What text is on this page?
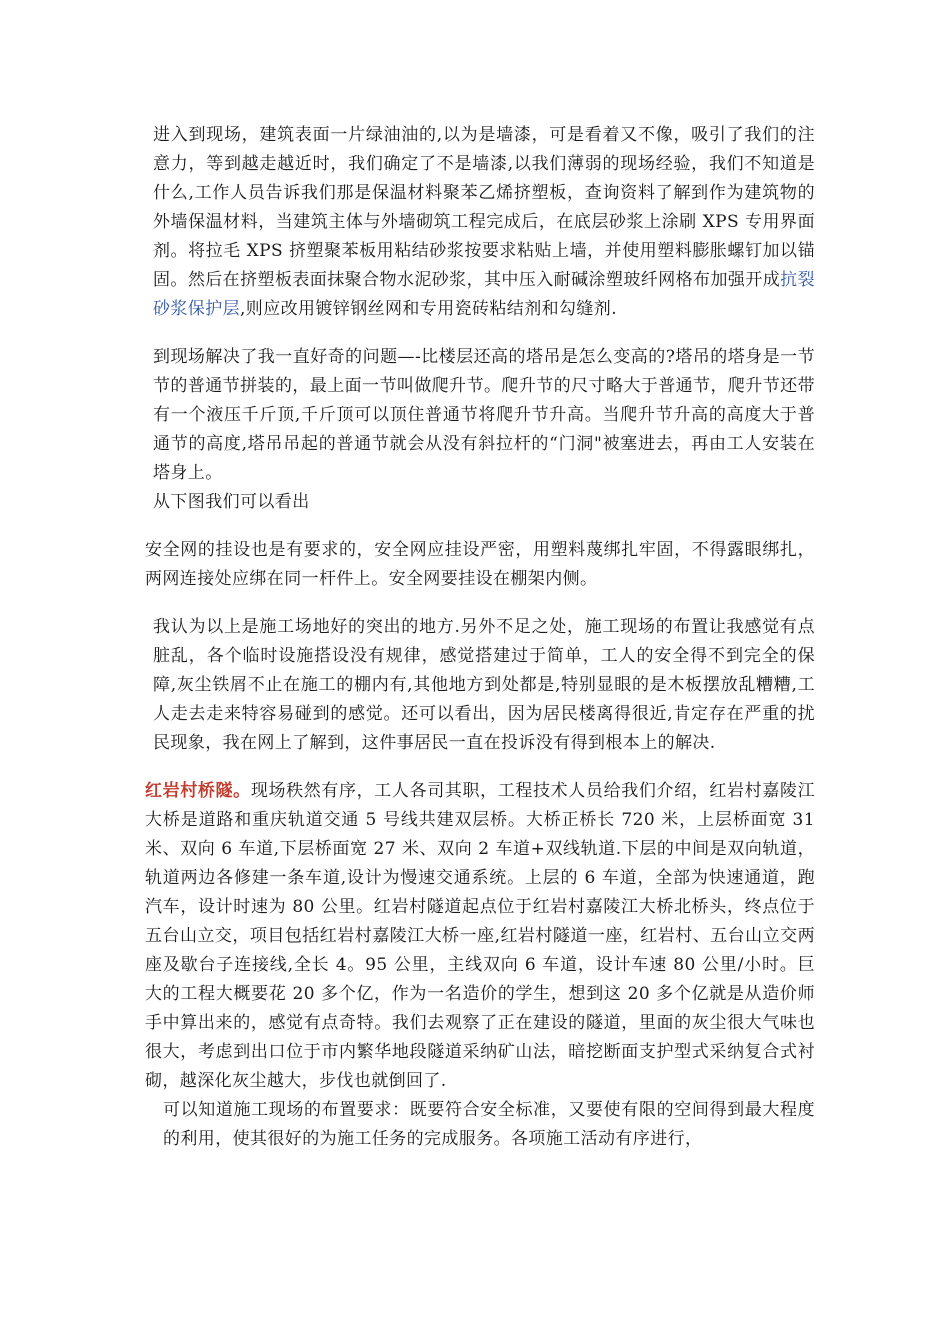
进入到现场，建筑表面一片绿油油的,以为是墙漆，可是看着又不像，吸引了我们的注意力，等到越走越近时，我们确定了不是墙漆,以我们薄弱的现场经验，我们不知道是什么,工作人员告诉我们那是保温材料聚苯乙烯挤塑板，查询资料了解到作为建筑物的外墙保温材料，当建筑主体与外墙砌筑工程完成后，在底层砂浆上涂刷 XPS 专用界面剂。将拉毛 XPS 挤塑聚苯板用粘结砂浆按要求粘贴上墙，并使用塑料膨胀螺钉加以锚固。然后在挤塑板表面抹聚合物水泥砂浆，其中压入耐碱涂塑玻纤网格布加强开成抗裂砂浆保护层,则应改用镀锌钢丝网和专用瓷砖粘结剂和勾缝剂.

到现场解决了我一直好奇的问题—-比楼层还高的塔吊是怎么变高的?塔吊的塔身是一节节的普通节拼装的，最上面一节叫做爬升节。爬升节的尺寸略大于普通节，爬升节还带有一个液压千斤顶,千斤顶可以顶住普通节将爬升节升高。当爬升节升高的高度大于普通节的高度,塔吊吊起的普通节就会从没有斜拉杆的“门洞"被塞进去，再由工人安装在塔身上。

从下图我们可以看出

安全网的挂设也是有要求的，安全网应挂设严密，用塑料蔑绑扎牢固，不得露眼绑扎，两网连接处应绑在同一杆件上。安全网要挂设在棚架内侧。

我认为以上是施工场地好的突出的地方.另外不足之处，施工现场的布置让我感觉有点脏乱，各个临时设施搭设没有规律，感觉搭建过于简单，工人的安全得不到完全的保障,灰尘铁屑不止在施工的棚内有,其他地方到处都是,特别显眼的是木板摆放乱糟糟,工人走去走来特容易碰到的感觉。还可以看出，因为居民楼离得很近,肯定存在严重的扰民现象，我在网上了解到，这件事居民一直在投诉没有得到根本上的解决.

红岩村桥隧。现场秩然有序，工人各司其职，工程技术人员给我们介绍，红岩村嘉陵江大桥是道路和重庆轨道交通 5 号线共建双层桥。大桥正桥长 720 米，上层桥面宽 31 米、双向 6 车道,下层桥面宽 27 米、双向 2 车道+双线轨道.下层的中间是双向轨道，轨道两边各修建一条车道,设计为慢速交通系统。上层的 6 车道，全部为快速通道，跑汽车，设计时速为 80 公里。红岩村隧道起点位于红岩村嘉陵江大桥北桥头，终点位于五台山立交，项目包括红岩村嘉陵江大桥一座,红岩村隧道一座，红岩村、五台山立交两座及歇台子连接线,全长 4。95 公里，主线双向 6 车道，设计车速 80 公里/小时。巨大的工程大概要花 20 多个亿，作为一名造价的学生，想到这 20 多个亿就是从造价师手中算出来的，感觉有点奇特。我们去观察了正在建设的隧道，里面的灰尘很大气味也很大，考虑到出口位于市内繁华地段隧道采纳矿山法，暗挖断面支护型式采纳复合式衬砌，越深化灰尘越大，步伐也就倒回了.

可以知道施工现场的布置要求：既要符合安全标准，又要使有限的空间得到最大程度的利用，使其很好的为施工任务的完成服务。各项施工活动有序进行，
